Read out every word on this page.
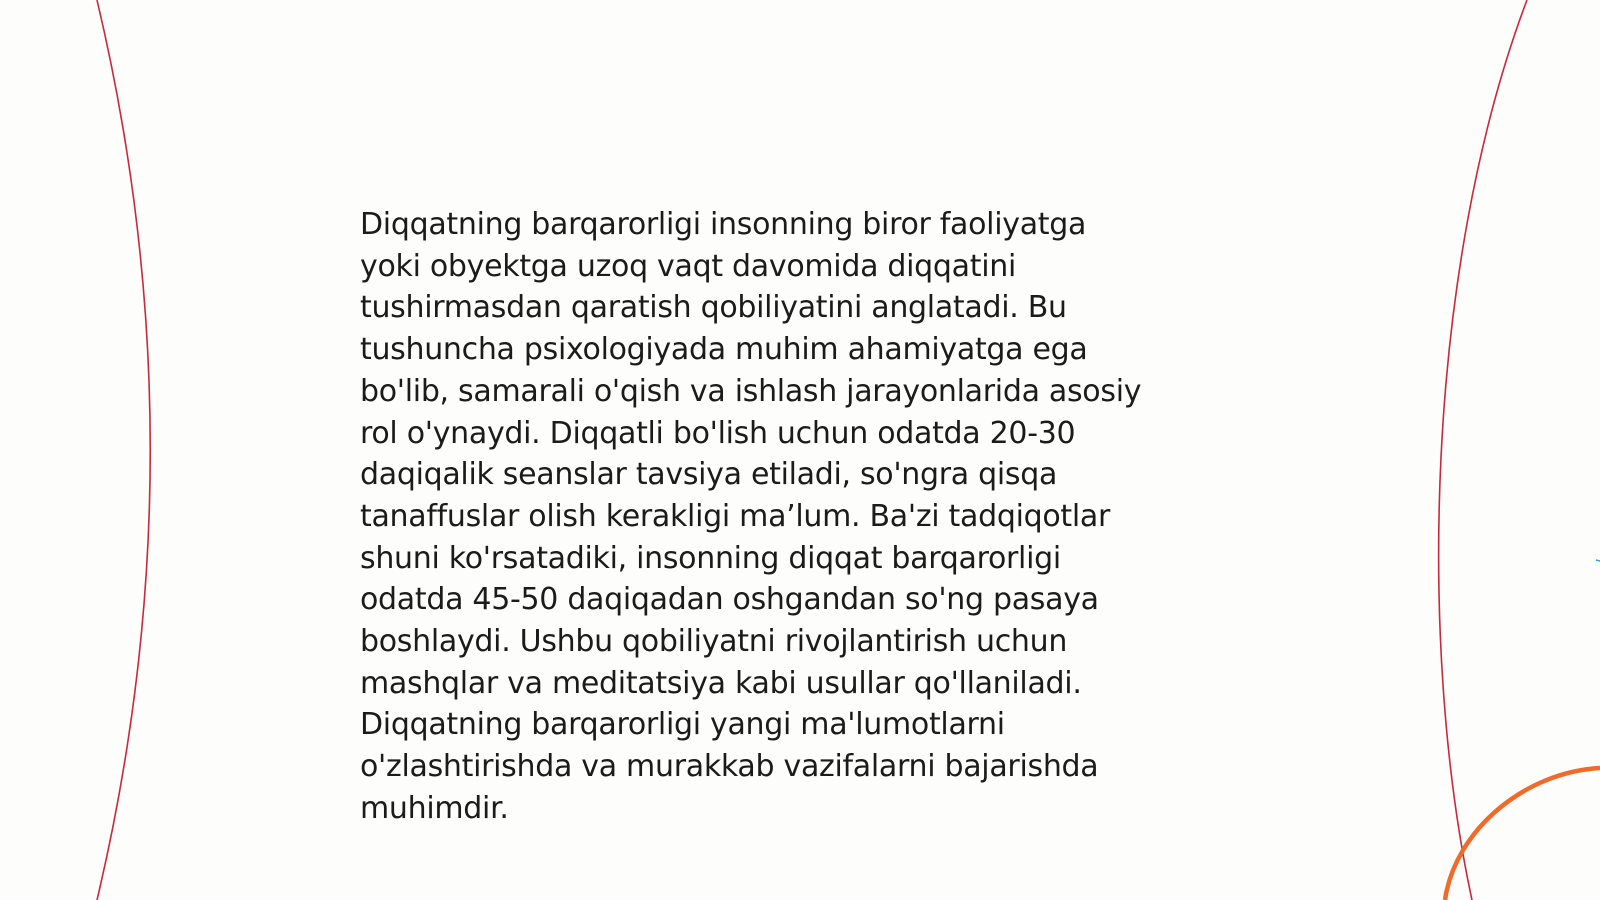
Diqqatning barqarorligi insonning biror faoliyatga
yoki obyektga uzoq vaqt davomida diqqatini
tushirmasdan qaratish qobiliyatini anglatadi. Bu
tushuncha psixologiyada muhim ahamiyatga ega
bo'lib, samarali o'qish va ishlash jarayonlarida asosiy
rol o'ynaydi. Diqqatli bo'lish uchun odatda 20-30
daqiqalik seanslar tavsiya etiladi, so'ngra qisqa
tanaffuslar olish kerakligi ma’lum. Ba'zi tadqiqotlar
shuni ko'rsatadiki, insonning diqqat barqarorligi
odatda 45-50 daqiqadan oshgandan so'ng pasaya
boshlaydi. Ushbu qobiliyatni rivojlantirish uchun
mashqlar va meditatsiya kabi usullar qo'llaniladi.
Diqqatning barqarorligi yangi ma'lumotlarni
o'zlashtirishda va murakkab vazifalarni bajarishda
muhimdir.
